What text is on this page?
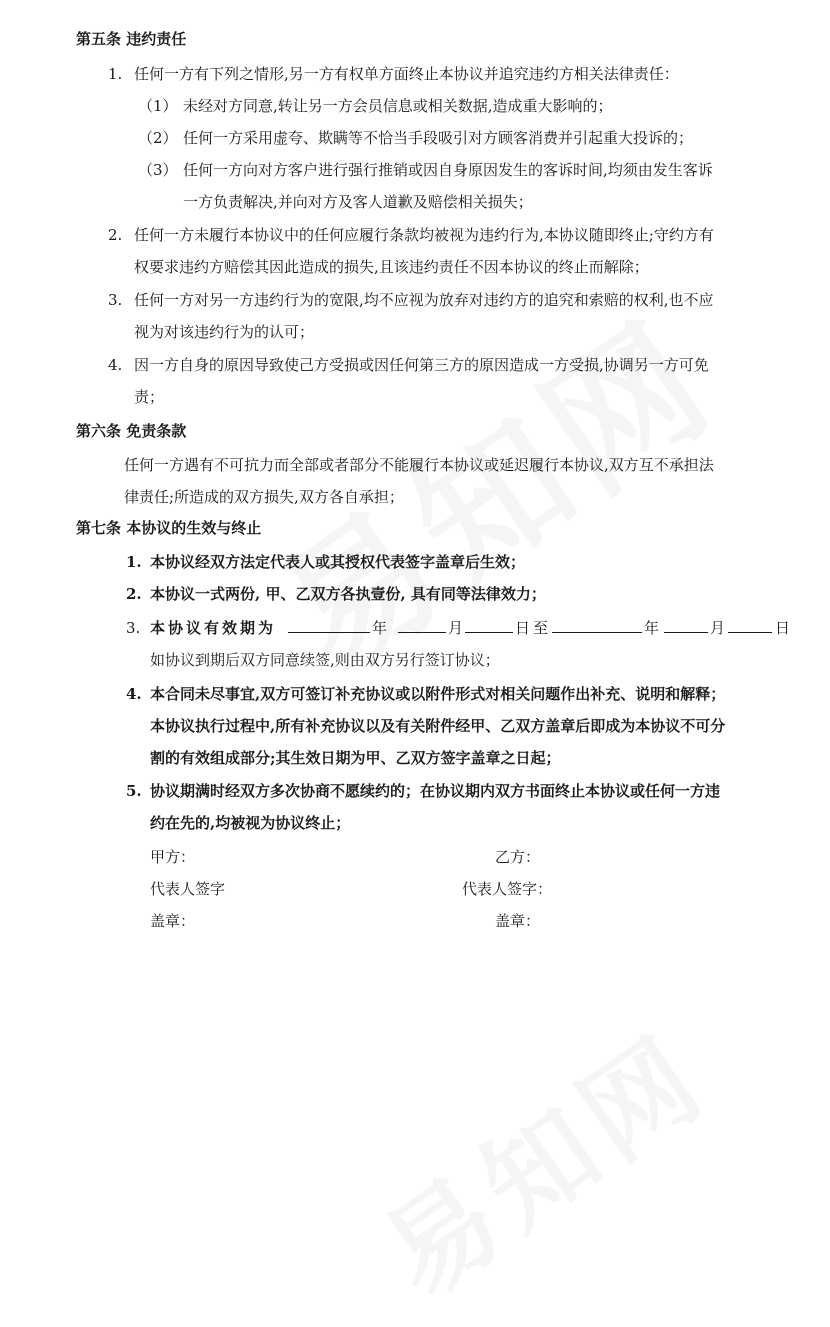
第五条 违约责任
1. 任何一方有下列之情形,另一方有权单方面终止本协议并追究违约方相关法律责任：
（1） 未经对方同意,转让另一方会员信息或相关数据,造成重大影响的；
（2） 任何一方采用虚夸、欺瞒等不恰当手段吸引对方顾客消费并引起重大投诉的；
（3） 任何一方向对方客户进行强行推销或因自身原因发生的客诉时间,均须由发生客诉
一方负责解决,并向对方及客人道歉及赔偿相关损失；
2. 任何一方未履行本协议中的任何应履行条款均被视为违约行为,本协议随即终止;守约方有
权要求违约方赔偿其因此造成的损失,且该违约责任不因本协议的终止而解除；
3. 任何一方对另一方违约行为的宽限,均不应视为放弃对违约方的追究和索赔的权利,也不应
视为对该违约行为的认可；
4. 因一方自身的原因导致使己方受损或因任何第三方的原因造成一方受损,协调另一方可免
责；
第六条 免责条款
任何一方遇有不可抗力而全部或者部分不能履行本协议或延迟履行本协议,双方互不承担法
律责任;所造成的双方损失,双方各自承担；
第七条 本协议的生效与终止
1. 本协议经双方法定代表人或其授权代表签字盖章后生效；
2. 本协议一式两份, 甲、乙双方各执壹份, 具有同等法律效力；
3. 本协议有效期为	年	月	日至	年	月	日
如协议到期后双方同意续签,则由双方另行签订协议；
4. 本合同未尽事宜,双方可签订补充协议或以附件形式对相关问题作出补充、说明和解释；
本协议执行过程中,所有补充协议以及有关附件经甲、乙双方盖章后即成为本协议不可分
割的有效组成部分;其生效日期为甲、乙双方签字盖章之日起；
5. 协议期满时经双方多次协商不愿续约的；在协议期内双方书面终止本协议或任何一方违
约在先的,均被视为协议终止；
甲方：	乙方：
代表人签字	代表人签字：
盖章：	盖章：
